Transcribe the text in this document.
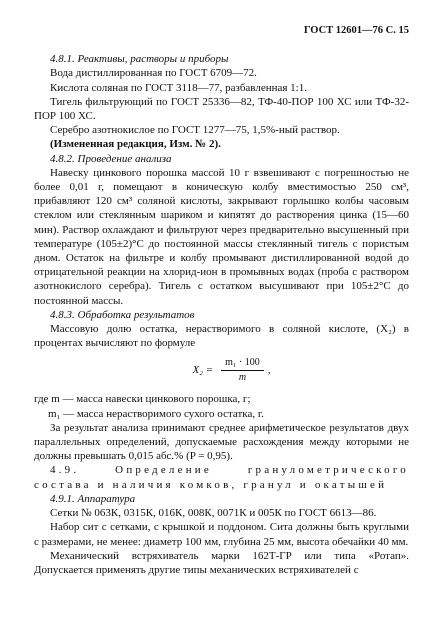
ГОСТ 12601—76 С. 15

4.8.1. Реактивы, растворы и приборы

Вода дистиллированная по ГОСТ 6709—72.

Кислота соляная по ГОСТ 3118—77, разбавленная 1:1.

Тигель фильтрующий по ГОСТ 25336—82, ТФ-40-ПОР 100 ХС или ТФ-32-ПОР 100 ХС.

Серебро азотнокислое по ГОСТ 1277—75, 1,5%-ный раствор.

(Измененная редакция, Изм. № 2).

4.8.2. Проведение анализа

Навеску цинкового порошка массой 10 г взвешивают с погрешностью не более 0,01 г, помещают в коническую колбу вместимостью 250 см³, прибавляют 120 см³ соляной кислоты, закрывают горлышко колбы часовым стеклом или стеклянным шариком и кипятят до растворения цинка (15—60 мин). Раствор охлаждают и фильтруют через предварительно высушенный при температуре (105±2)°С до постоянной массы стеклянный тигель с пористым дном. Остаток на фильтре и колбу промывают дистиллированной водой до отрицательной реакции на хлорид-ион в промывных водах (проба с раствором азотнокислого серебра). Тигель с остатком высушивают при 105±2°С до постоянной массы.

4.8.3. Обработка результатов

Массовую долю остатка, нерастворимого в соляной кислоте, (X₂) в процентах вычисляют по формуле

$X_2 = \frac{\text{m₁ · 100}}{m}$ ,

где m — масса навески цинкового порошка, г;

m₁ — масса нерастворимого сухого остатка, г.

За результат анализа принимают среднее арифметическое результатов двух параллельных определений, допускаемые расхождения между которыми не должны превышать 0,015 абс.% (P = 0,95).

4.9. Определение гранулометрического состава и наличия комков, гранул и окатышей

4.9.1. Аппаратура

Сетки № 063К, 0315К, 016К, 008К, 0071К и 005К по ГОСТ 6613—86.

Набор сит с сетками, с крышкой и поддоном. Сита должны быть круглыми с размерами, не менее: диаметр 100 мм, глубина 25 мм, высота обечайки 40 мм.

Механический встряхиватель марки 162Т-ГР или типа «Ротап». Допускается применять другие типы механических встряхивателей с
